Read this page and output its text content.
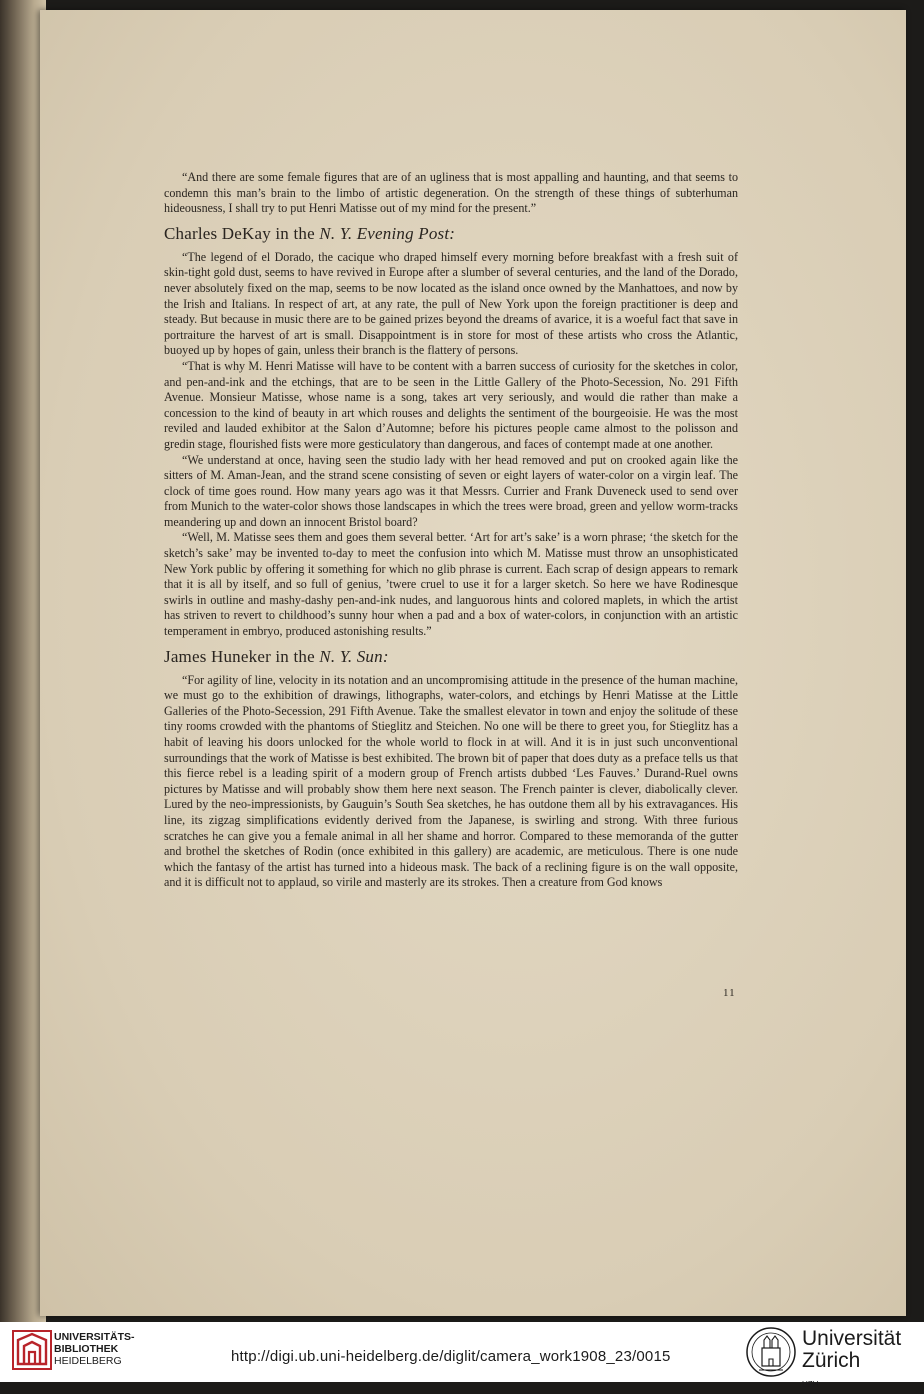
“And there are some female figures that are of an ugliness that is most appalling and haunting, and that seems to condemn this man’s brain to the limbo of artistic degeneration. On the strength of these things of subterhuman hideousness, I shall try to put Henri Matisse out of my mind for the present.”

Charles DeKay in the N. Y. Evening Post:

“The legend of el Dorado, the cacique who draped himself every morning before breakfast with a fresh suit of skin-tight gold dust, seems to have revived in Europe after a slumber of several centuries, and the land of the Dorado, never absolutely fixed on the map, seems to be now located as the island once owned by the Manhattoes, and now by the Irish and Italians. In respect of art, at any rate, the pull of New York upon the foreign practitioner is deep and steady. But because in music there are to be gained prizes beyond the dreams of avarice, it is a woeful fact that save in portraiture the harvest of art is small. Disappointment is in store for most of these artists who cross the Atlantic, buoyed up by hopes of gain, unless their branch is the flattery of persons.

“That is why M. Henri Matisse will have to be content with a barren success of curiosity for the sketches in color, and pen-and-ink and the etchings, that are to be seen in the Little Gallery of the Photo-Secession, No. 291 Fifth Avenue. Monsieur Matisse, whose name is a song, takes art very seriously, and would die rather than make a concession to the kind of beauty in art which rouses and delights the sentiment of the bourgeoisie. He was the most reviled and lauded exhibitor at the Salon d’Automne; before his pictures people came almost to the polisson and gredin stage, flourished fists were more gesticulatory than dangerous, and faces of contempt made at one another.

“We understand at once, having seen the studio lady with her head removed and put on crooked again like the sitters of M. Aman-Jean, and the strand scene consisting of seven or eight layers of water-color on a virgin leaf. The clock of time goes round. How many years ago was it that Messrs. Currier and Frank Duveneck used to send over from Munich to the water-color shows those landscapes in which the trees were broad, green and yellow worm-tracks meandering up and down an innocent Bristol board?

“Well, M. Matisse sees them and goes them several better. ‘Art for art’s sake’ is a worn phrase; ‘the sketch for the sketch’s sake’ may be invented to-day to meet the confusion into which M. Matisse must throw an unsophisticated New York public by offering it something for which no glib phrase is current. Each scrap of design appears to remark that it is all by itself, and so full of genius, ’twere cruel to use it for a larger sketch. So here we have Rodinesque swirls in outline and mashy-dashy pen-and-ink nudes, and languorous hints and colored maplets, in which the artist has striven to revert to childhood’s sunny hour when a pad and a box of water-colors, in conjunction with an artistic temperament in embryo, produced astonishing results.”

James Huneker in the N. Y. Sun:

“For agility of line, velocity in its notation and an uncompromising attitude in the presence of the human machine, we must go to the exhibition of drawings, lithographs, water-colors, and etchings by Henri Matisse at the Little Galleries of the Photo-Secession, 291 Fifth Avenue. Take the smallest elevator in town and enjoy the solitude of these tiny rooms crowded with the phantoms of Stieglitz and Steichen. No one will be there to greet you, for Stieglitz has a habit of leaving his doors unlocked for the whole world to flock in at will. And it is in just such unconventional surroundings that the work of Matisse is best exhibited. The brown bit of paper that does duty as a preface tells us that this fierce rebel is a leading spirit of a modern group of French artists dubbed ‘Les Fauves.’ Durand-Ruel owns pictures by Matisse and will probably show them here next season. The French painter is clever, diabolically clever. Lured by the neo-impressionists, by Gauguin’s South Sea sketches, he has outdone them all by his extravagances. His line, its zigzag simplifications evidently derived from the Japanese, is swirling and strong. With three furious scratches he can give you a female animal in all her shame and horror. Compared to these memoranda of the gutter and brothel the sketches of Rodin (once exhibited in this gallery) are academic, are meticulous. There is one nude which the fantasy of the artist has turned into a hideous mask. The back of a reclining figure is on the wall opposite, and it is difficult not to applaud, so virile and masterly are its strokes. Then a creature from God knows

11
UNIVERSITÄTS-
BIBLIOTHEK
HEIDELBERG	http://digi.ub.uni-heidelberg.de/diglit/camera_work1908_23/0015
Universität
Zürich
$^{UZH}$
